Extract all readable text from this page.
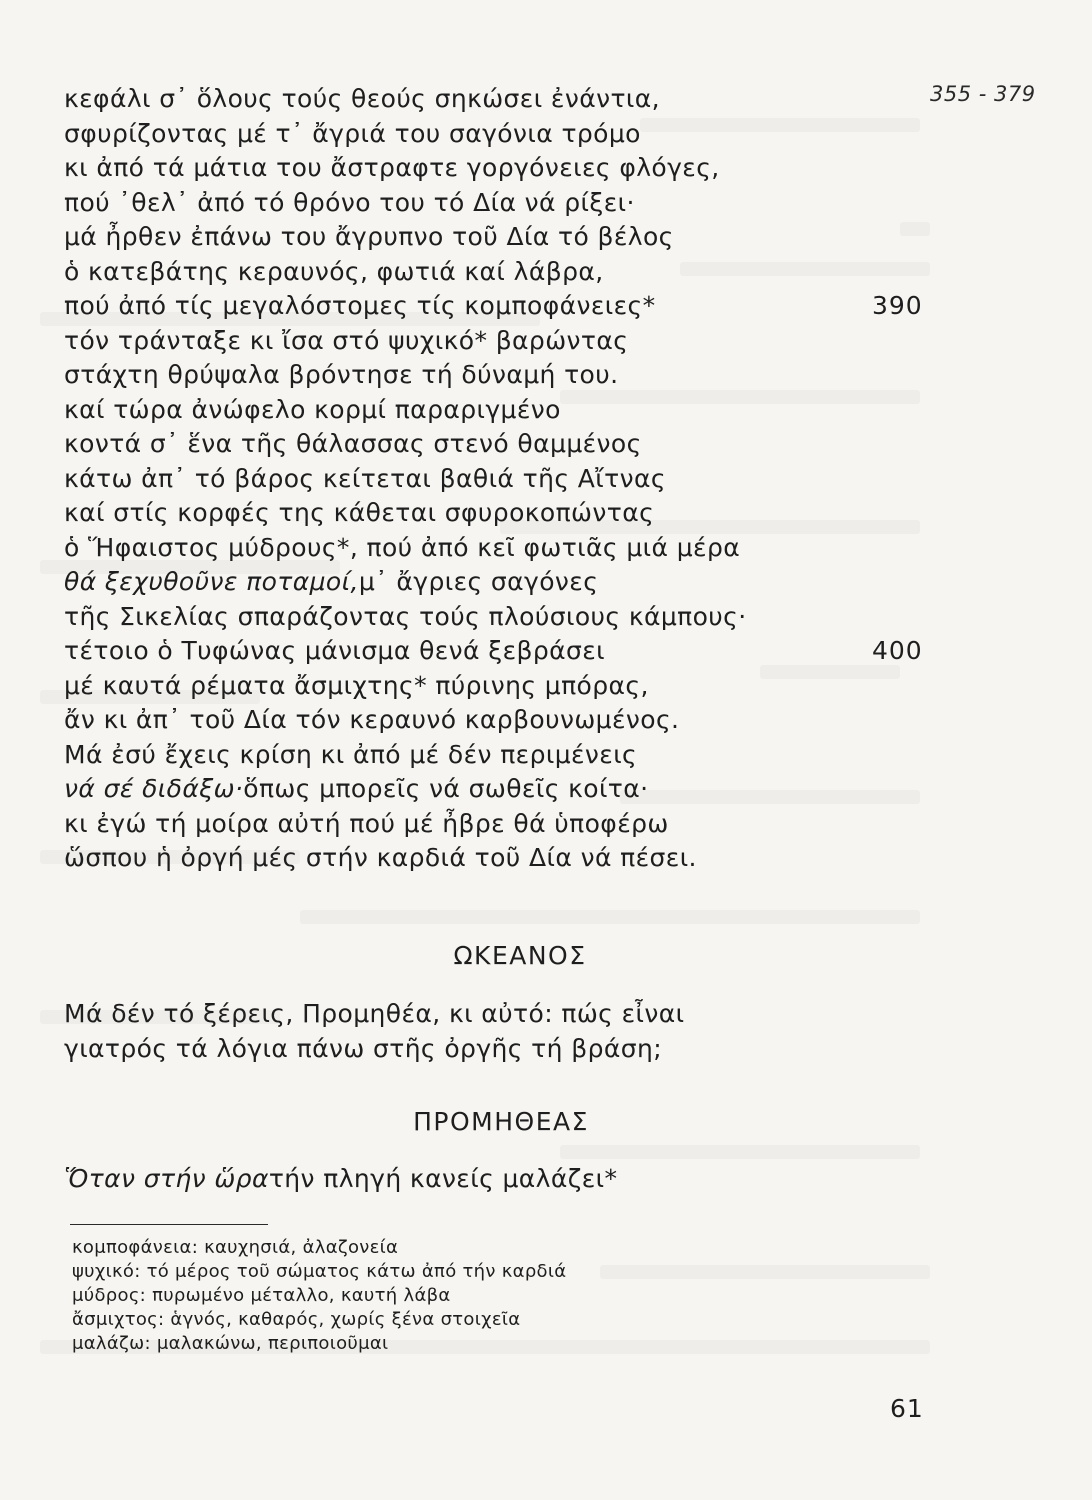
355 - 379
κεφάλι σ᾽ ὅλους τούς θεούς σηκώσει ἐνάντια,
σφυρίζοντας μέ τ᾽ ἄγριά του σαγόνια τρόμο
κι ἀπό τά μάτια του ἄστραφτε γοργόνειες φλόγες,
πού ᾽θελ᾽ ἀπό τό θρόνο του τό Δία νά ρίξει·
μά ἦρθεν ἐπάνω του ἄγρυπνο τοῦ Δία τό βέλος
ὁ κατεβάτης κεραυνός, φωτιά καί λάβρα,
πού ἀπό τίς μεγαλόστομες τίς κομποφάνειες*	390
τόν τράνταξε κι ἴσα στό ψυχικό* βαρώντας
στάχτη θρύψαλα βρόντησε τή δύναμή του.
καί τώρα ἀνώφελο κορμί παραριγμένο
κοντά σ᾽ ἕνα τῆς θάλασσας στενό θαμμένος
κάτω ἀπ᾽ τό βάρος κείτεται βαθιά τῆς Αἴτνας
καί στίς κορφές της κάθεται σφυροκοπώντας
ὁ Ἥφαιστος μύδρους*, πού ἀπό κεῖ φωτιᾶς μιά μέρα
θά ξεχυθοῦνε ποταμοί,μ᾽ ἄγριες σαγόνες
τῆς Σικελίας σπαράζοντας τούς πλούσιους κάμπους·
τέτοιο ὁ Τυφώνας μάνισμα θενά ξεβράσει	400
μέ καυτά ρέματα ἄσμιχτης* πύρινης μπόρας,
ἄν κι ἀπ᾽ τοῦ Δία τόν κεραυνό καρβουνωμένος.
Μά ἐσύ ἔχεις κρίση κι ἀπό μέ δέν περιμένεις
νά σέ διδάξω·ὅπως μπορεῖς νά σωθεῖς κοίτα·
κι ἐγώ τή μοίρα αὐτή πού μέ ἦβρε θά ὑποφέρω
ὥσπου ἡ ὀργή μές στήν καρδιά τοῦ Δία νά πέσει.
ΩΚΕΑΝΟΣ
Μά δέν τό ξέρεις, Προμηθέα, κι αὐτό: πώς εἶναι
γιατρός τά λόγια πάνω στῆς ὀργῆς τή βράση;
ΠΡΟΜΗΘΕΑΣ
Ὅταν στήν ὥρατήν πληγή κανείς μαλάζει*
κομποφάνεια: καυχησιά, ἀλαζονεία
ψυχικό: τό μέρος τοῦ σώματος κάτω ἀπό τήν καρδιά
μύδρος: πυρωμένο μέταλλο, καυτή λάβα
ἄσμιχτος: ἁγνός, καθαρός, χωρίς ξένα στοιχεῖα
μαλάζω: μαλακώνω, περιποιοῦμαι
61
